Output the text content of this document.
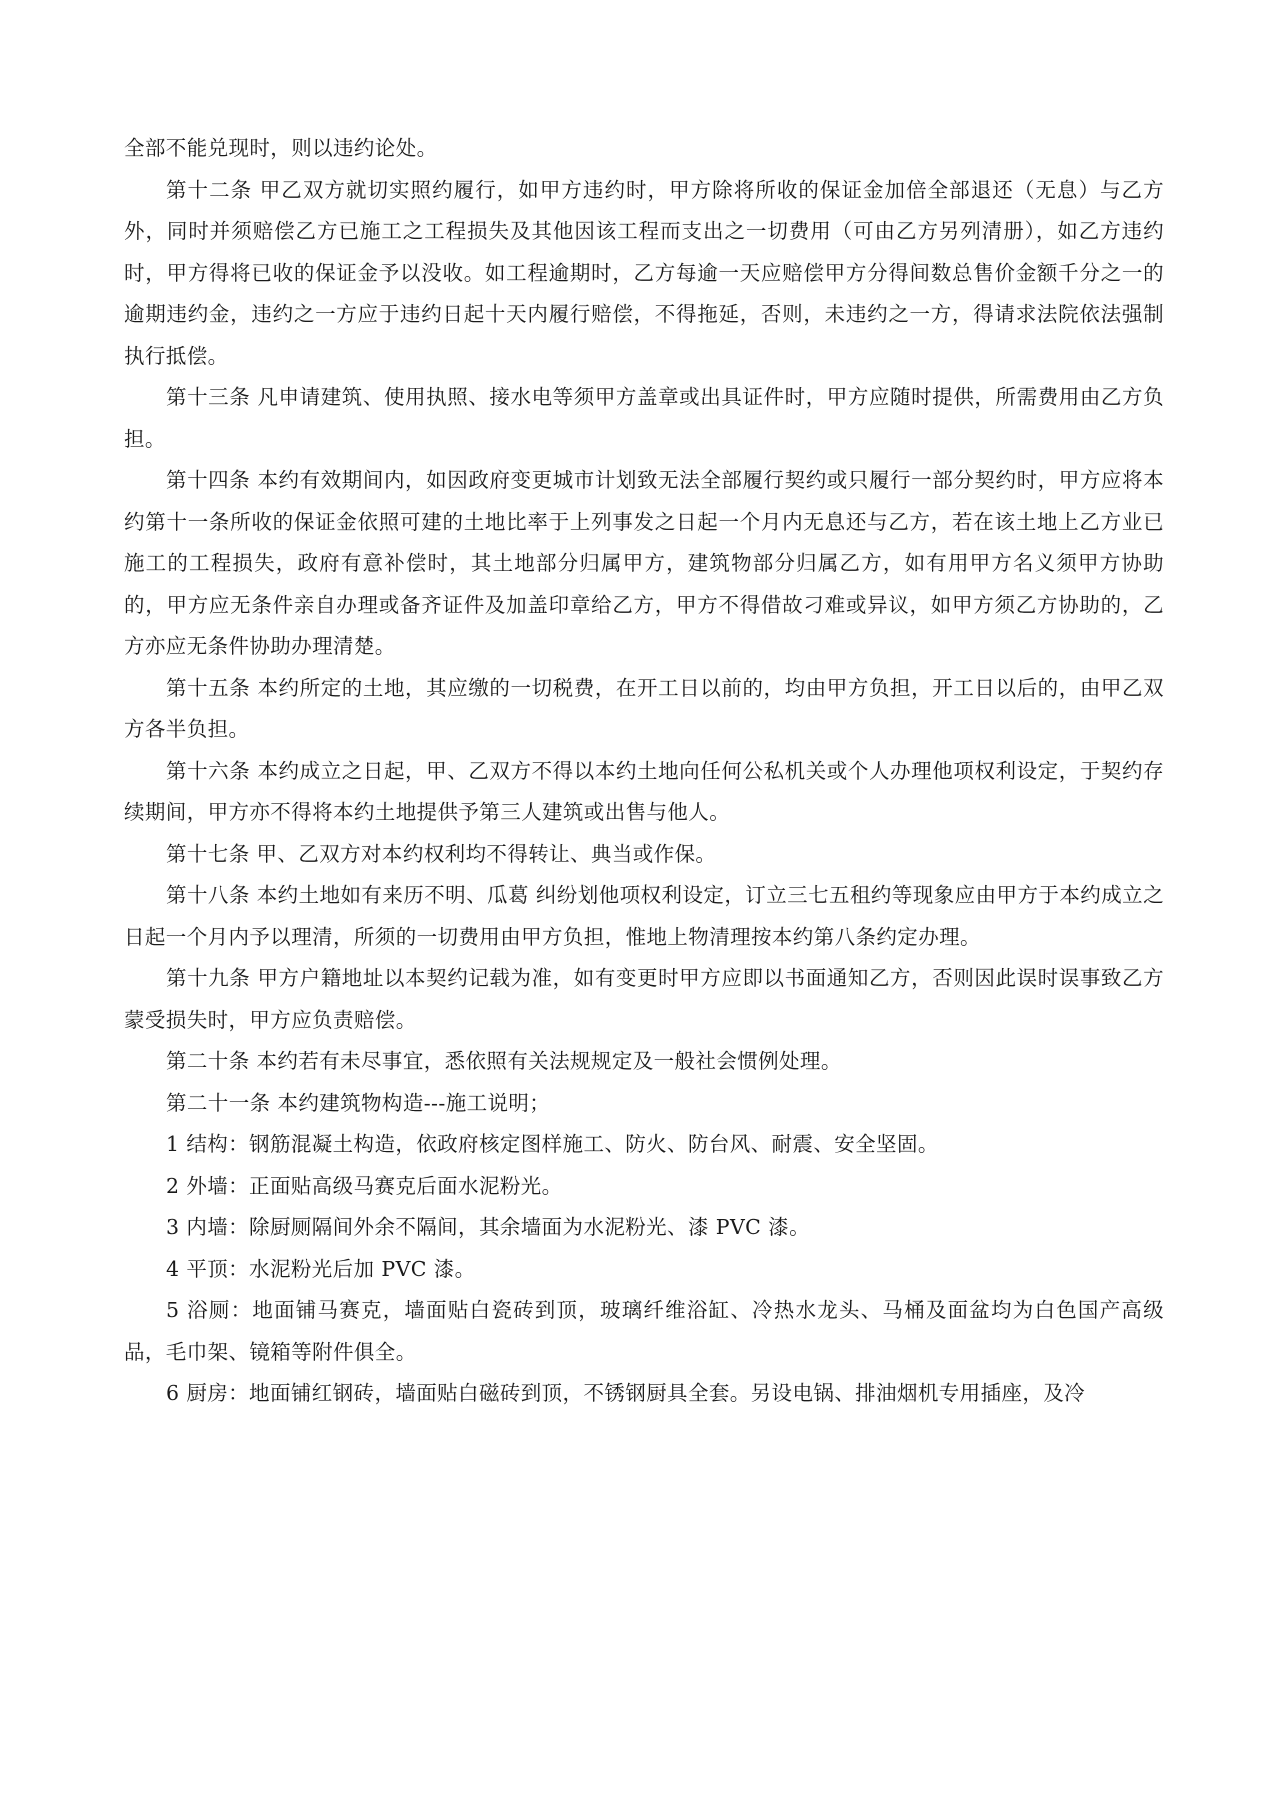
全部不能兑现时，则以违约论处。

第十二条 甲乙双方就切实照约履行，如甲方违约时，甲方除将所收的保证金加倍全部退还（无息）与乙方外，同时并须赔偿乙方已施工之工程损失及其他因该工程而支出之一切费用（可由乙方另列清册），如乙方违约时，甲方得将已收的保证金予以没收。如工程逾期时，乙方每逾一天应赔偿甲方分得间数总售价金额千分之一的逾期违约金，违约之一方应于违约日起十天内履行赔偿，不得拖延，否则，未违约之一方，得请求法院依法强制执行抵偿。

第十三条 凡申请建筑、使用执照、接水电等须甲方盖章或出具证件时，甲方应随时提供，所需费用由乙方负担。

第十四条 本约有效期间内，如因政府变更城市计划致无法全部履行契约或只履行一部分契约时，甲方应将本约第十一条所收的保证金依照可建的土地比率于上列事发之日起一个月内无息还与乙方，若在该土地上乙方业已施工的工程损失，政府有意补偿时，其土地部分归属甲方，建筑物部分归属乙方，如有用甲方名义须甲方协助的，甲方应无条件亲自办理或备齐证件及加盖印章给乙方，甲方不得借故刁难或异议，如甲方须乙方协助的，乙方亦应无条件协助办理清楚。

第十五条 本约所定的土地，其应缴的一切税费，在开工日以前的，均由甲方负担，开工日以后的，由甲乙双方各半负担。

第十六条 本约成立之日起，甲、乙双方不得以本约土地向任何公私机关或个人办理他项权利设定，于契约存续期间，甲方亦不得将本约土地提供予第三人建筑或出售与他人。

第十七条 甲、乙双方对本约权利均不得转让、典当或作保。

第十八条 本约土地如有来历不明、瓜葛 纠纷划他项权利设定，订立三七五租约等现象应由甲方于本约成立之日起一个月内予以理清，所须的一切费用由甲方负担，惟地上物清理按本约第八条约定办理。

第十九条 甲方户籍地址以本契约记载为准，如有变更时甲方应即以书面通知乙方，否则因此误时误事致乙方蒙受损失时，甲方应负责赔偿。

第二十条 本约若有未尽事宜，悉依照有关法规规定及一般社会惯例处理。

第二十一条 本约建筑物构造---施工说明；

1 结构：钢筋混凝土构造，依政府核定图样施工、防火、防台风、耐震、安全坚固。

2 外墙：正面贴高级马赛克后面水泥粉光。

3 内墙：除厨厕隔间外余不隔间，其余墙面为水泥粉光、漆 PVC 漆。

4 平顶：水泥粉光后加 PVC 漆。

5 浴厕：地面铺马赛克，墙面贴白瓷砖到顶，玻璃纤维浴缸、冷热水龙头、马桶及面盆均为白色国产高级品，毛巾架、镜箱等附件俱全。

6 厨房：地面铺红钢砖，墙面贴白磁砖到顶，不锈钢厨具全套。另设电锅、排油烟机专用插座，及冷
